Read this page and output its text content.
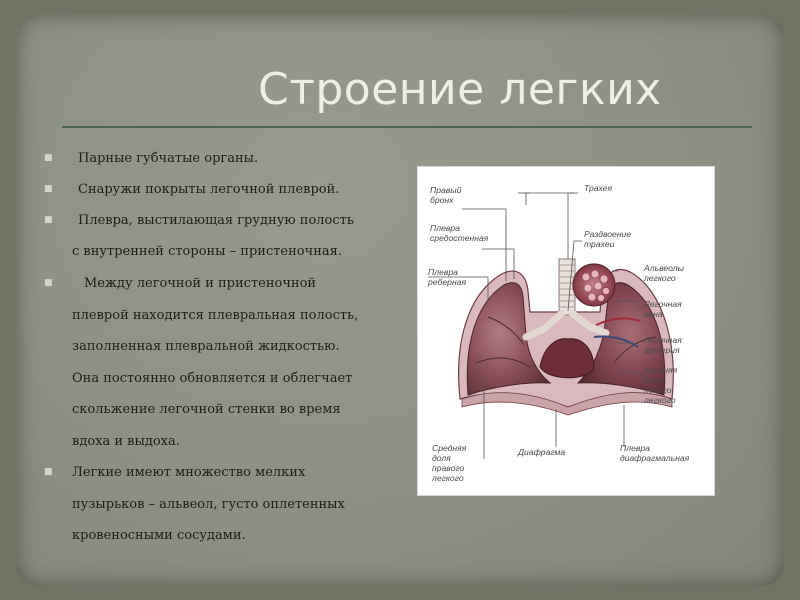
Строение легких
■ Парные губчатые органы.
■ Снаружи покрыты легочной плеврой.
■ Плевра, выстилающая грудную полость
с внутренней стороны – пристеночная.
■ Между легочной и пристеночной
плеврой находится плевральная полость,
заполненная плевральной жидкостью.
Она постоянно обновляется и облегчает
скольжение легочной стенки во время
вдоха и выдоха.
■ Легкие имеют множество мелких
пузырьков – альвеол, густо оплетенных
кровеносными сосудами.
Правый бронх
Трахея
Плевра средостенная	Раздвоение трахеи
Плевра реберная
Альвеолы легкого
Легочная вена
Легочная артерия
Верхняя доля левого легкого
Средняя доля правого легкого
Диафрагма	Плевра диафрагмальная
